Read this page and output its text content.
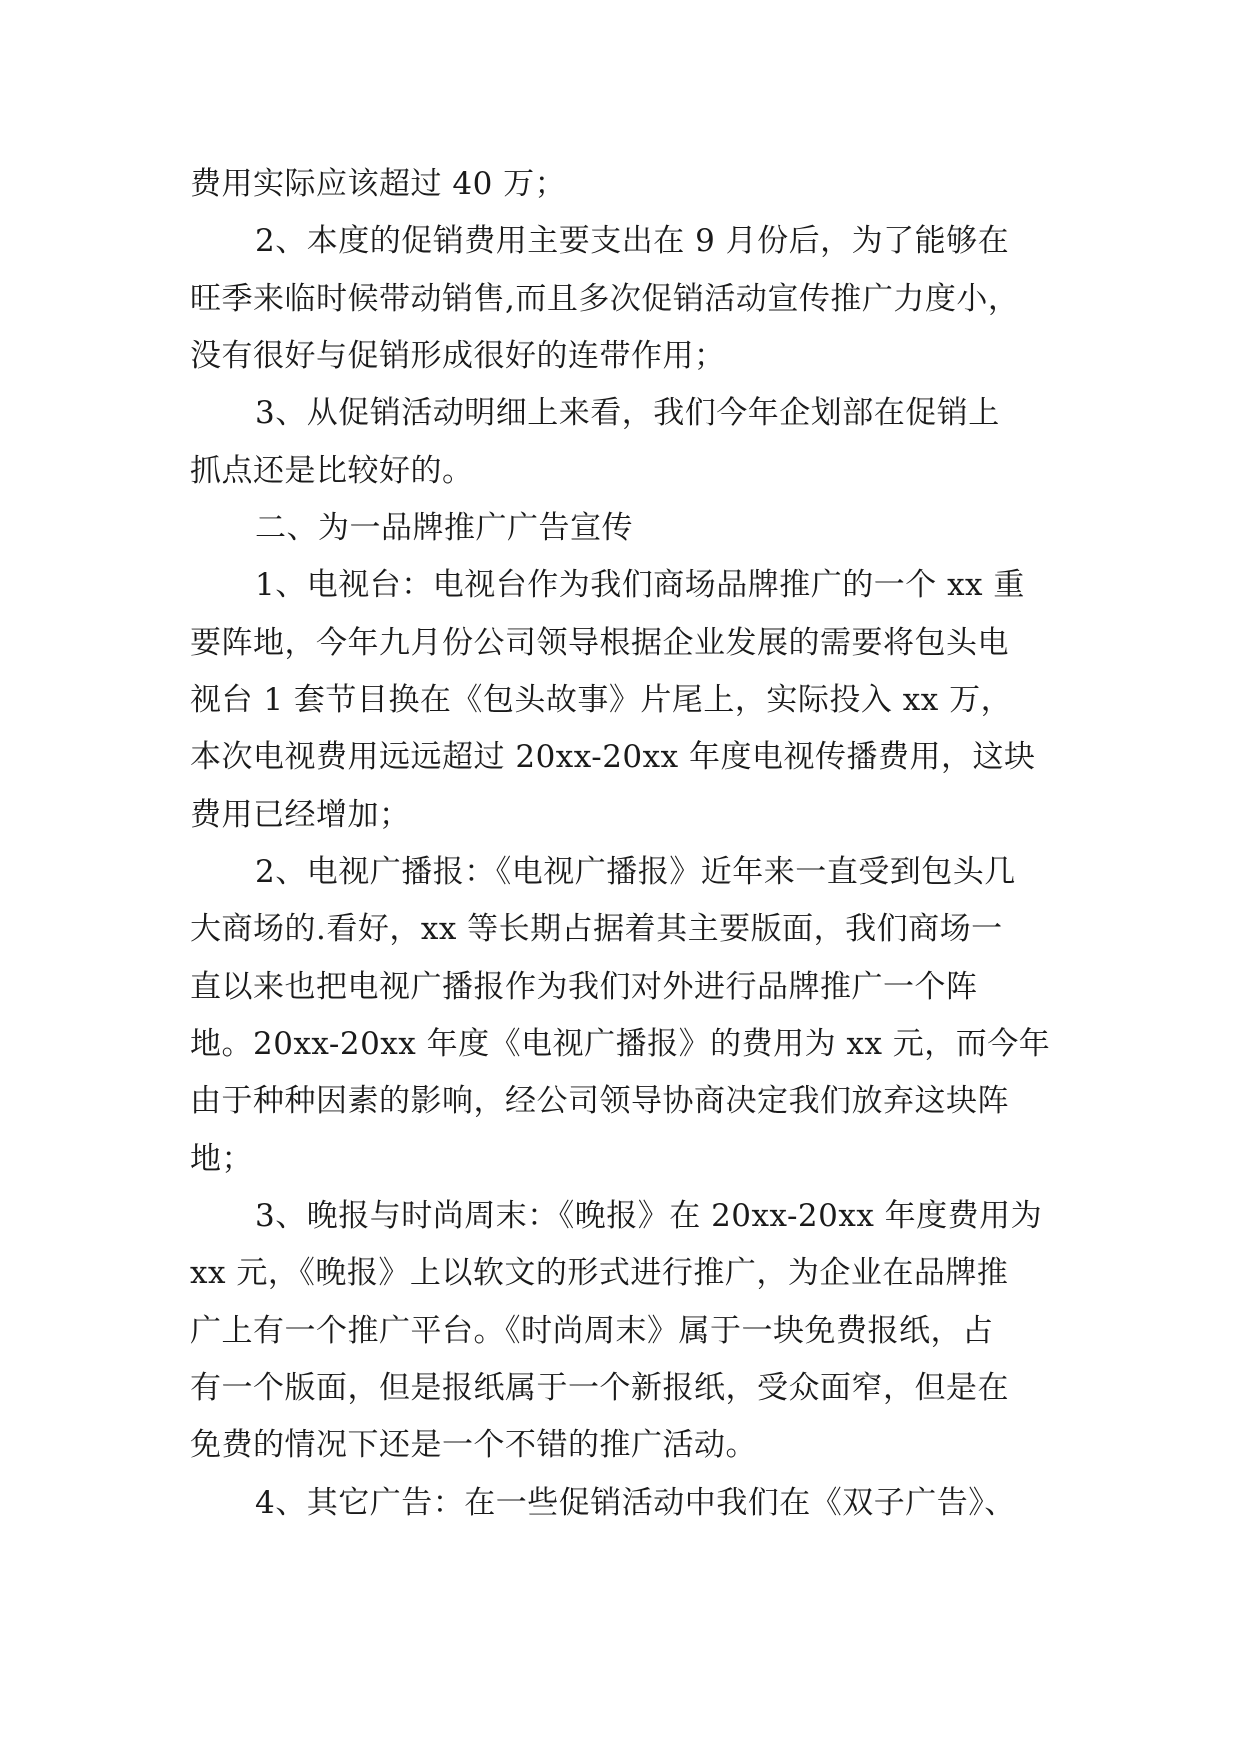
费用实际应该超过 40 万；
2、本度的促销费用主要支出在 9 月份后，为了能够在
旺季来临时候带动销售,而且多次促销活动宣传推广力度小，
没有很好与促销形成很好的连带作用；
3、从促销活动明细上来看，我们今年企划部在促销上
抓点还是比较好的。
二、为一品牌推广广告宣传
1、电视台：电视台作为我们商场品牌推广的一个 xx 重
要阵地，今年九月份公司领导根据企业发展的需要将包头电
视台 1 套节目换在《包头故事》片尾上，实际投入 xx 万，
本次电视费用远远超过 20xx-20xx 年度电视传播费用，这块
费用已经增加；
2、电视广播报：《电视广播报》近年来一直受到包头几
大商场的.看好，xx 等长期占据着其主要版面，我们商场一
直以来也把电视广播报作为我们对外进行品牌推广一个阵
地。20xx-20xx 年度《电视广播报》的费用为 xx 元，而今年
由于种种因素的影响，经公司领导协商决定我们放弃这块阵
地；
3、晚报与时尚周末：《晚报》在 20xx-20xx 年度费用为
xx 元，《晚报》上以软文的形式进行推广，为企业在品牌推
广上有一个推广平台。《时尚周末》属于一块免费报纸，占
有一个版面，但是报纸属于一个新报纸，受众面窄，但是在
免费的情况下还是一个不错的推广活动。
4、其它广告：在一些促销活动中我们在《双子广告》、
